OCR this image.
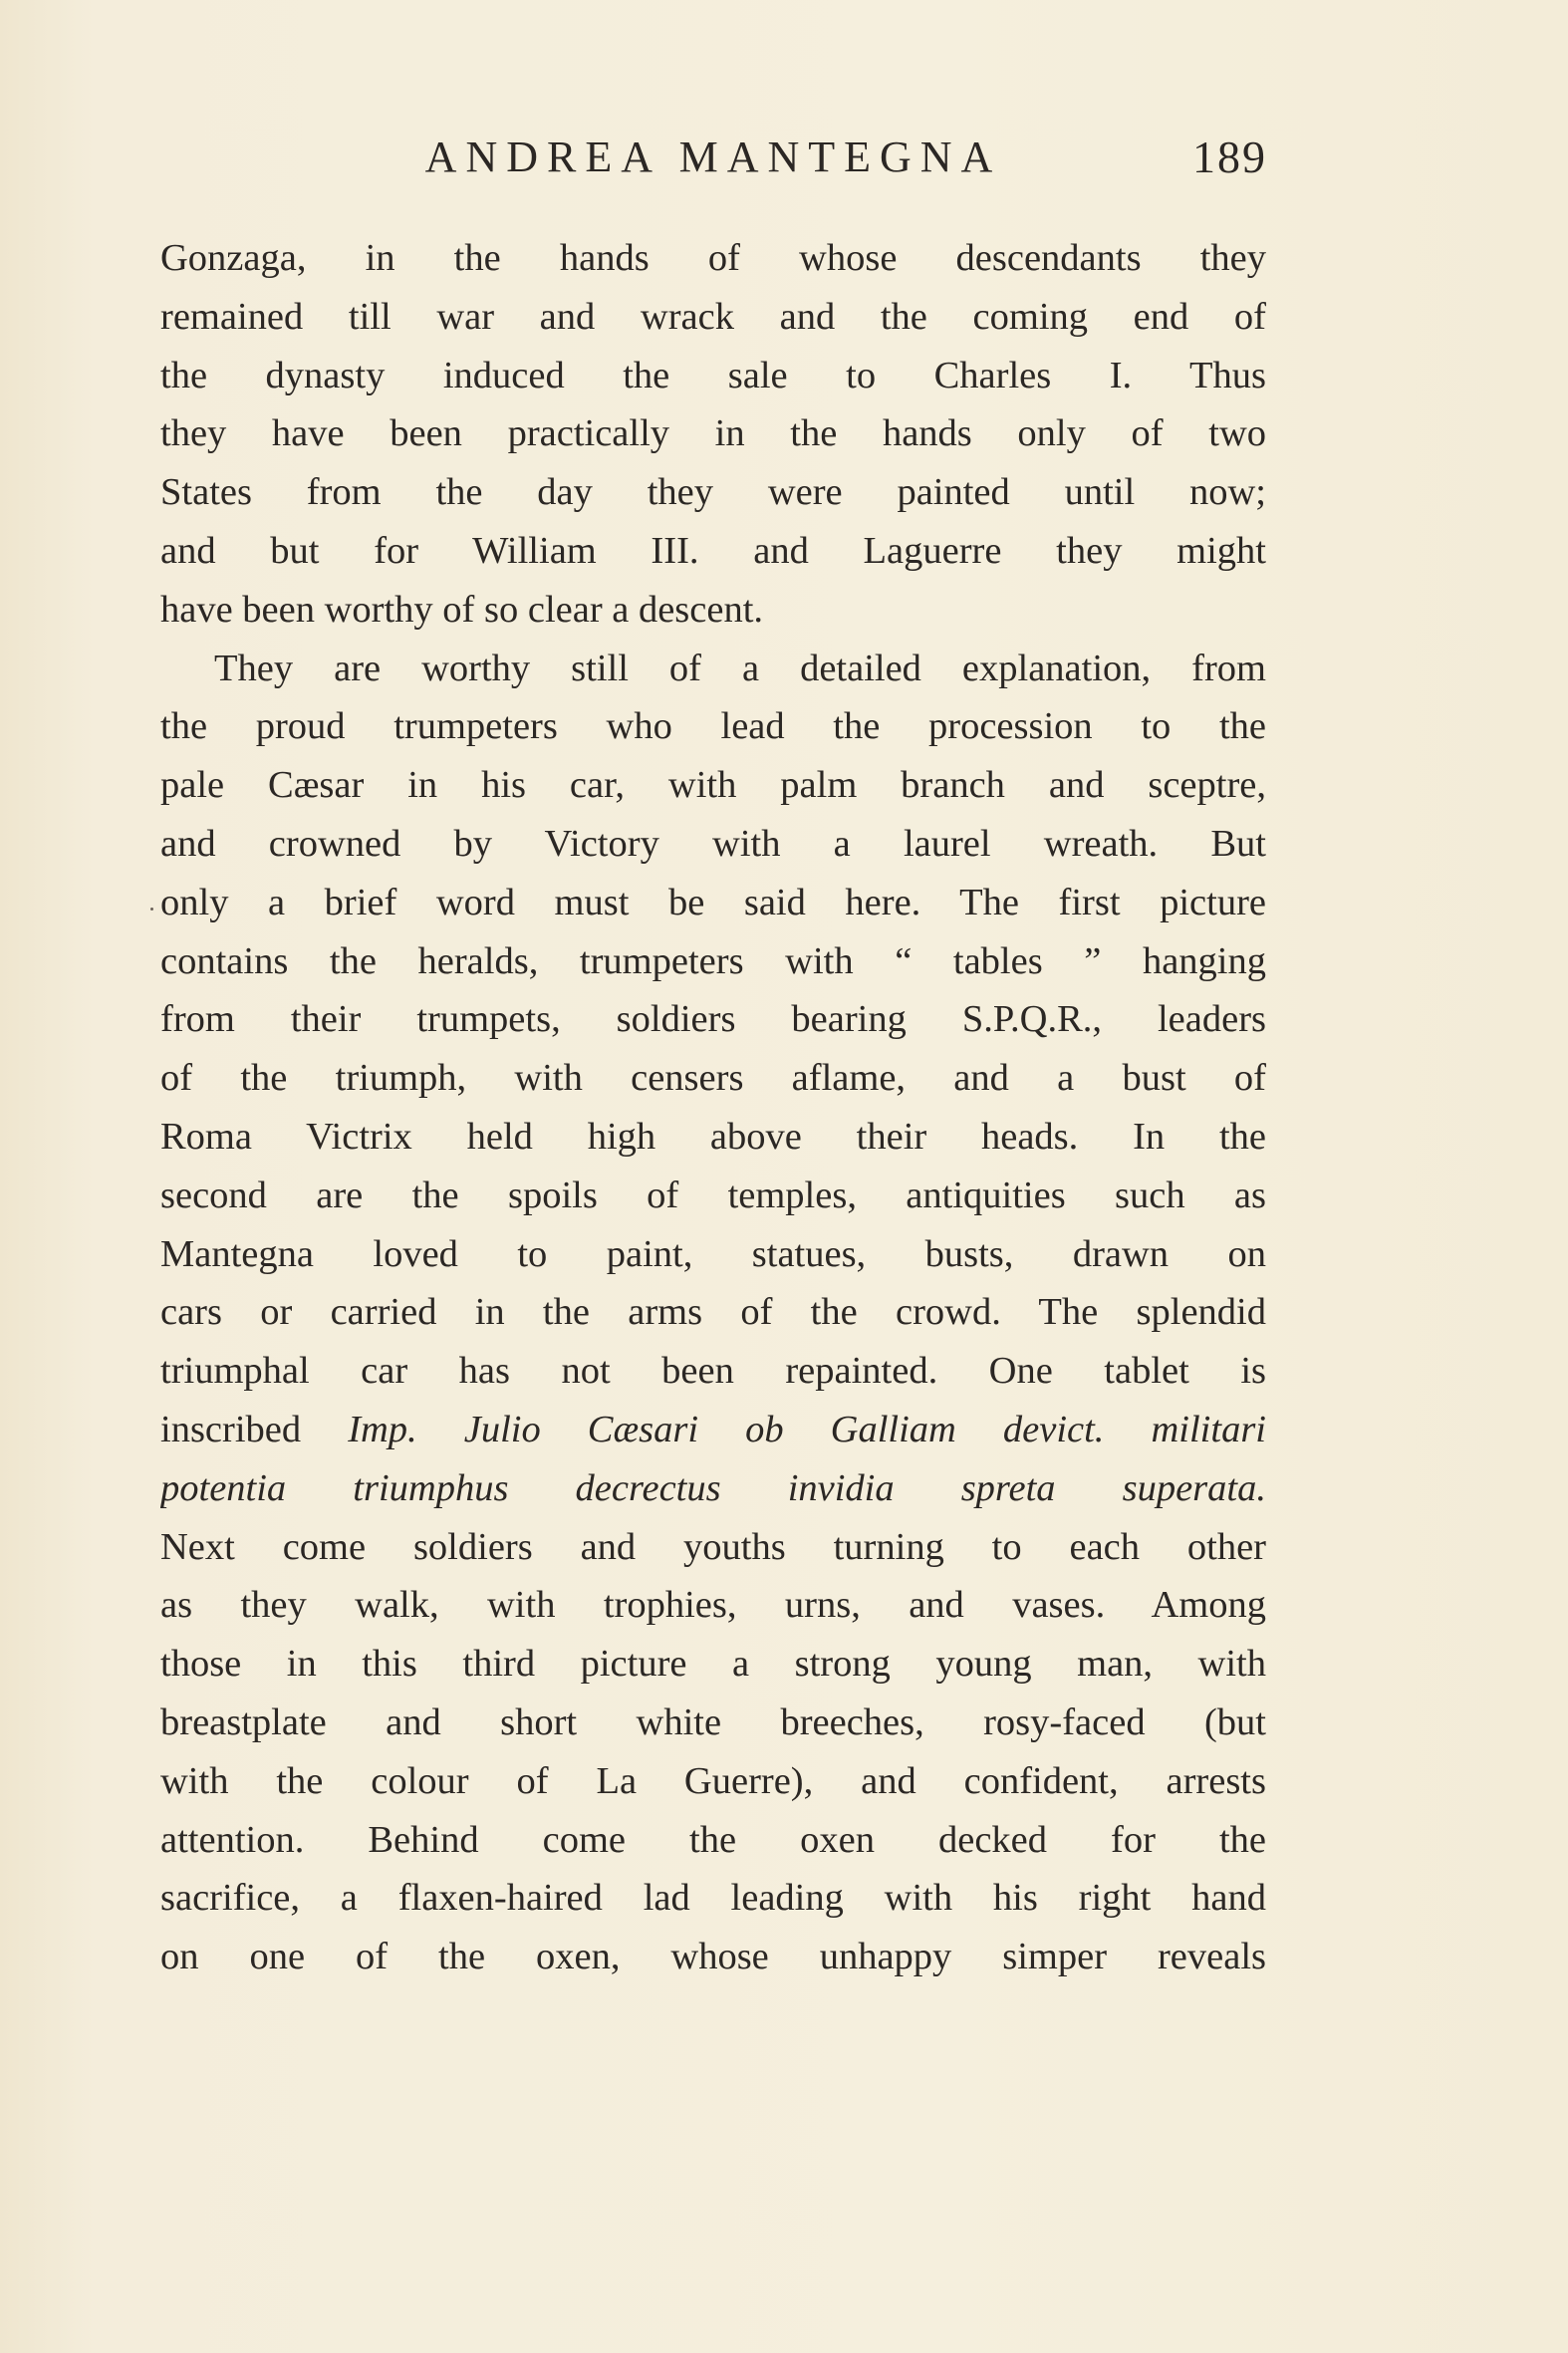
ANDREA MANTEGNA	189
Gonzaga, in the hands of whose descendants they
remained till war and wrack and the coming end of
the dynasty induced the sale to Charles I. Thus
they have been practically in the hands only of two
States from the day they were painted until now;
and but for William III. and Laguerre they might
have been worthy of so clear a descent.
They are worthy still of a detailed explanation, from
the proud trumpeters who lead the procession to the
pale Cæsar in his car, with palm branch and sceptre,
and crowned by Victory with a laurel wreath. But
only a brief word must be said here. The first picture
contains the heralds, trumpeters with “ tables ” hanging
from their trumpets, soldiers bearing S.P.Q.R., leaders
of the triumph, with censers aflame, and a bust of
Roma Victrix held high above their heads. In the
second are the spoils of temples, antiquities such as
Mantegna loved to paint, statues, busts, drawn on
cars or carried in the arms of the crowd. The splendid
triumphal car has not been repainted. One tablet is
inscribed Imp. Julio Cæsari ob Galliam devict. militari
potentia triumphus decrectus invidia spreta superata.
Next come soldiers and youths turning to each other
as they walk, with trophies, urns, and vases. Among
those in this third picture a strong young man, with
breastplate and short white breeches, rosy-faced (but
with the colour of La Guerre), and confident, arrests
attention. Behind come the oxen decked for the
sacrifice, a flaxen-haired lad leading with his right hand
on one of the oxen, whose unhappy simper reveals
